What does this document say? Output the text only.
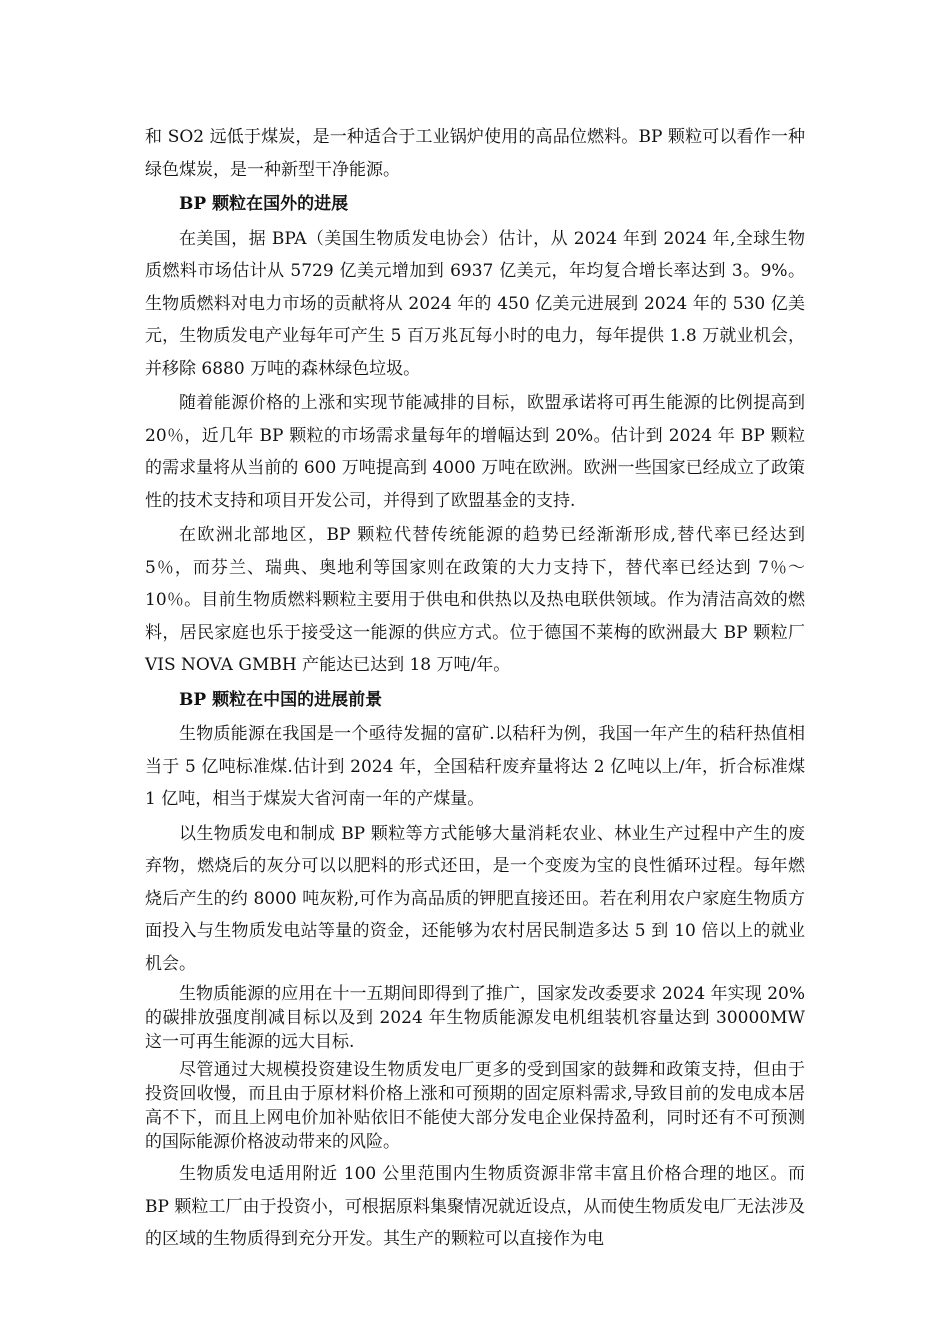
和 SO2 远低于煤炭，是一种适合于工业锅炉使用的高品位燃料。BP 颗粒可以看作一种绿色煤炭，是一种新型干净能源。

BP 颗粒在国外的进展

在美国，据 BPA（美国生物质发电协会）估计，从 2024 年到 2024 年,全球生物质燃料市场估计从 5729 亿美元增加到 6937 亿美元，年均复合增长率达到 3。9%。生物质燃料对电力市场的贡献将从 2024 年的 450 亿美元进展到 2024 年的 530 亿美元，生物质发电产业每年可产生 5 百万兆瓦每小时的电力，每年提供 1.8 万就业机会，并移除 6880 万吨的森林绿色垃圾。

随着能源价格的上涨和实现节能减排的目标，欧盟承诺将可再生能源的比例提高到 20％，近几年 BP 颗粒的市场需求量每年的增幅达到 20%。估计到 2024 年 BP 颗粒的需求量将从当前的 600 万吨提高到 4000 万吨在欧洲。欧洲一些国家已经成立了政策性的技术支持和项目开发公司，并得到了欧盟基金的支持.

在欧洲北部地区，BP 颗粒代替传统能源的趋势已经渐渐形成,替代率已经达到 5％，而芬兰、瑞典、奥地利等国家则在政策的大力支持下，替代率已经达到 7％～10％。目前生物质燃料颗粒主要用于供电和供热以及热电联供领域。作为清洁高效的燃料，居民家庭也乐于接受这一能源的供应方式。位于德国不莱梅的欧洲最大 BP 颗粒厂 VIS NOVA GMBH 产能达已达到 18 万吨/年。

BP 颗粒在中国的进展前景

生物质能源在我国是一个亟待发掘的富矿.以秸秆为例，我国一年产生的秸秆热值相当于 5 亿吨标准煤.估计到 2024 年，全国秸秆废弃量将达 2 亿吨以上/年，折合标准煤 1 亿吨，相当于煤炭大省河南一年的产煤量。

以生物质发电和制成 BP 颗粒等方式能够大量消耗农业、林业生产过程中产生的废弃物，燃烧后的灰分可以以肥料的形式还田，是一个变废为宝的良性循环过程。每年燃烧后产生的约 8000 吨灰粉,可作为高品质的钾肥直接还田。若在利用农户家庭生物质方面投入与生物质发电站等量的资金，还能够为农村居民制造多达 5 到 10 倍以上的就业机会。

生物质能源的应用在十一五期间即得到了推广，国家发改委要求 2024 年实现 20%的碳排放强度削减目标以及到 2024 年生物质能源发电机组装机容量达到 30000MW 这一可再生能源的远大目标.

尽管通过大规模投资建设生物质发电厂更多的受到国家的鼓舞和政策支持，但由于投资回收慢，而且由于原材料价格上涨和可预期的固定原料需求,导致目前的发电成本居高不下，而且上网电价加补贴依旧不能使大部分发电企业保持盈利，同时还有不可预测的国际能源价格波动带来的风险。

生物质发电适用附近 100 公里范围内生物质资源非常丰富且价格合理的地区。而 BP 颗粒工厂由于投资小，可根据原料集聚情况就近设点，从而使生物质发电厂无法涉及的区域的生物质得到充分开发。其生产的颗粒可以直接作为电
